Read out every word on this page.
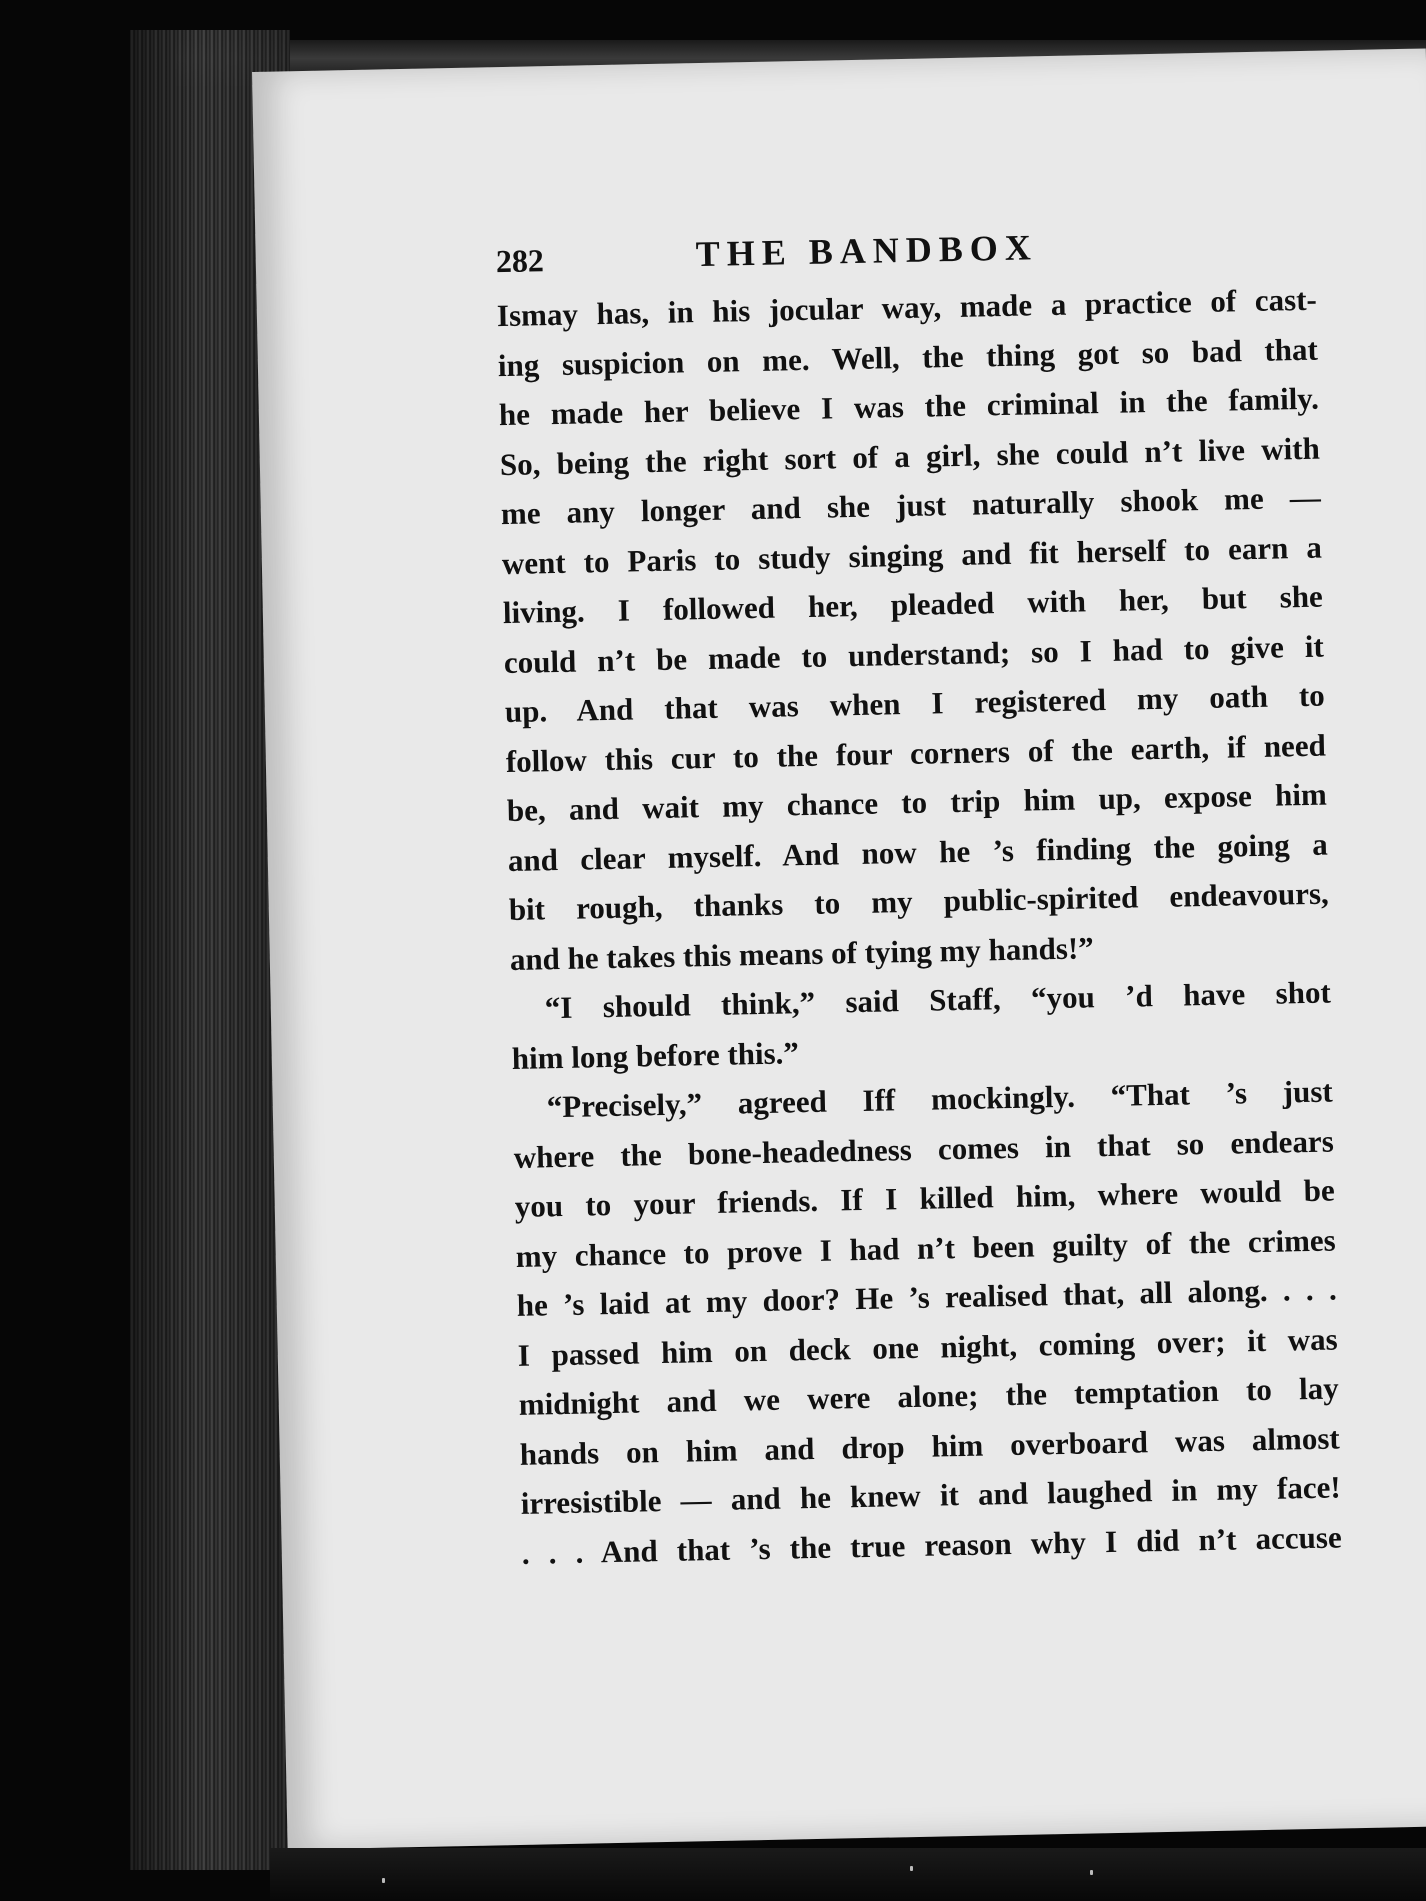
282	THE BANDBOX
Ismay has, in his jocular way, made a practice of cast-
ing suspicion on me. Well, the thing got so bad that
he made her believe I was the criminal in the family.
So, being the right sort of a girl, she could n’t live with
me any longer and she just naturally shook me —
went to Paris to study singing and fit herself to earn a
living. I followed her, pleaded with her, but she
could n’t be made to understand; so I had to give it
up. And that was when I registered my oath to
follow this cur to the four corners of the earth, if need
be, and wait my chance to trip him up, expose him
and clear myself. And now he ’s finding the going a
bit rough, thanks to my public-spirited endeavours,
and he takes this means of tying my hands!”
“I should think,” said Staff, “you ’d have shot
him long before this.”
“Precisely,” agreed Iff mockingly. “That ’s just
where the bone-headedness comes in that so endears
you to your friends. If I killed him, where would be
my chance to prove I had n’t been guilty of the crimes
he ’s laid at my door? He ’s realised that, all along. . . .
I passed him on deck one night, coming over; it was
midnight and we were alone; the temptation to lay
hands on him and drop him overboard was almost
irresistible — and he knew it and laughed in my face!
. . . And that ’s the true reason why I did n’t accuse
